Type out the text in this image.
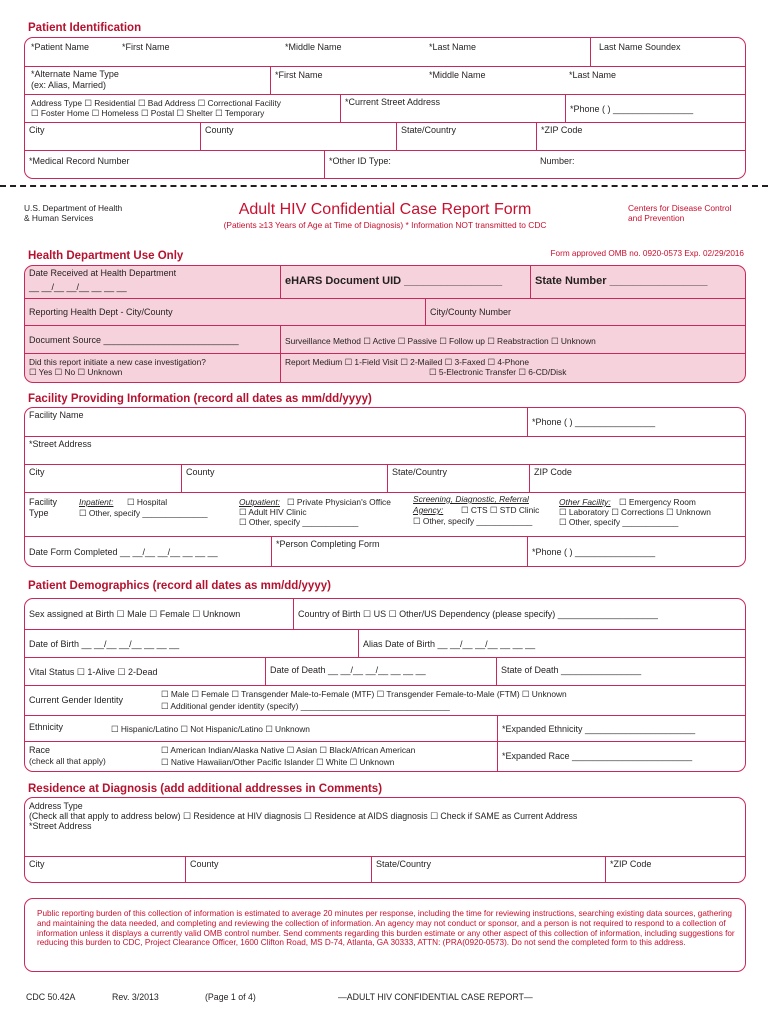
Patient Identification
*Patient Name	*First Name	*Middle Name	*Last Name	Last Name Soundex
*Alternate Name Type
(ex: Alias, Married)
*First Name	*Middle Name	*Last Name
Address Type ☐ Residential ☐ Bad Address ☐ Correctional Facility
☐ Foster Home ☐ Homeless ☐ Postal ☐ Shelter ☐ Temporary
*Current Street Address
*Phone ( ) ________________
City	County	State/Country	*ZIP Code
*Medical Record Number	*Other ID Type:	Number:
U.S. Department of Health
& Human Services	Adult HIV Confidential Case Report Form
(Patients ≥13 Years of Age at Time of Diagnosis) * Information NOT transmitted to CDC
Centers for Disease Control
and Prevention
Health Department Use Only	Form approved OMB no. 0920-0573 Exp. 02/29/2016
Date Received at Health Department
__ __/__ __/__ __ __ __	eHARS Document UID ________________	State Number ________________
Reporting Health Dept - City/County	City/County Number
Document Source ___________________________	Surveillance Method ☐ Active ☐ Passive ☐ Follow up ☐ Reabstraction ☐ Unknown
Did this report initiate a new case investigation?
☐ Yes ☐ No ☐ Unknown
Report Medium ☐ 1-Field Visit ☐ 2-Mailed ☐ 3-Faxed ☐ 4-Phone
☐ 5-Electronic Transfer ☐ 6-CD/Disk
Facility Providing Information (record all dates as mm/dd/yyyy)
Facility Name
*Phone ( ) ________________
*Street Address
City	County	State/Country	ZIP Code
Facility
Type
Inpatient: ☐ Hospital
☐ Other, specify ______________
Outpatient: ☐ Private Physician's Office
☐ Adult HIV Clinic
☐ Other, specify ____________
Screening, Diagnostic, Referral
Agency: ☐ CTS ☐ STD Clinic
☐ Other, specify ____________
Other Facility: ☐ Emergency Room
☐ Laboratory ☐ Corrections ☐ Unknown
☐ Other, specify ____________
Date Form Completed __ __/__ __/__ __ __ __
*Person Completing Form
*Phone ( ) ________________
Patient Demographics (record all dates as mm/dd/yyyy)
Sex assigned at Birth ☐ Male ☐ Female ☐ Unknown	Country of Birth ☐ US ☐ Other/US Dependency (please specify) ____________________
Date of Birth __ __/__ __/__ __ __ __	Alias Date of Birth __ __/__ __/__ __ __ __
Vital Status ☐ 1-Alive ☐ 2-Dead	Date of Death __ __/__ __/__ __ __ __	State of Death ________________
Current Gender Identity
☐ Male ☐ Female ☐ Transgender Male-to-Female (MTF) ☐ Transgender Female-to-Male (FTM) ☐ Unknown
☐ Additional gender identity (specify) ________________________________
Ethnicity	☐ Hispanic/Latino ☐ Not Hispanic/Latino ☐ Unknown	*Expanded Ethnicity ______________________
Race
(check all that apply)
☐ American Indian/Alaska Native ☐ Asian ☐ Black/African American
☐ Native Hawaiian/Other Pacific Islander ☐ White ☐ Unknown
*Expanded Race ________________________
Residence at Diagnosis (add additional addresses in Comments)
Address Type
(Check all that apply to address below) ☐ Residence at HIV diagnosis ☐ Residence at AIDS diagnosis ☐ Check if SAME as Current Address
*Street Address
City	County	State/Country	*ZIP Code
Public reporting burden of this collection of information is estimated to average 20 minutes per response, including the time for reviewing instructions, searching existing data sources, gathering and maintaining the data needed, and completing and reviewing the collection of information. An agency may not conduct or sponsor, and a person is not required to respond to a collection of information unless it displays a currently valid OMB control number. Send comments regarding this burden estimate or any other aspect of this collection of information, including suggestions for reducing this burden to CDC, Project Clearance Officer, 1600 Clifton Road, MS D-74, Atlanta, GA 30333, ATTN: (PRA(0920-0573). Do not send the completed form to this address.
CDC 50.42A	Rev. 3/2013	(Page 1 of 4)	—ADULT HIV CONFIDENTIAL CASE REPORT—
